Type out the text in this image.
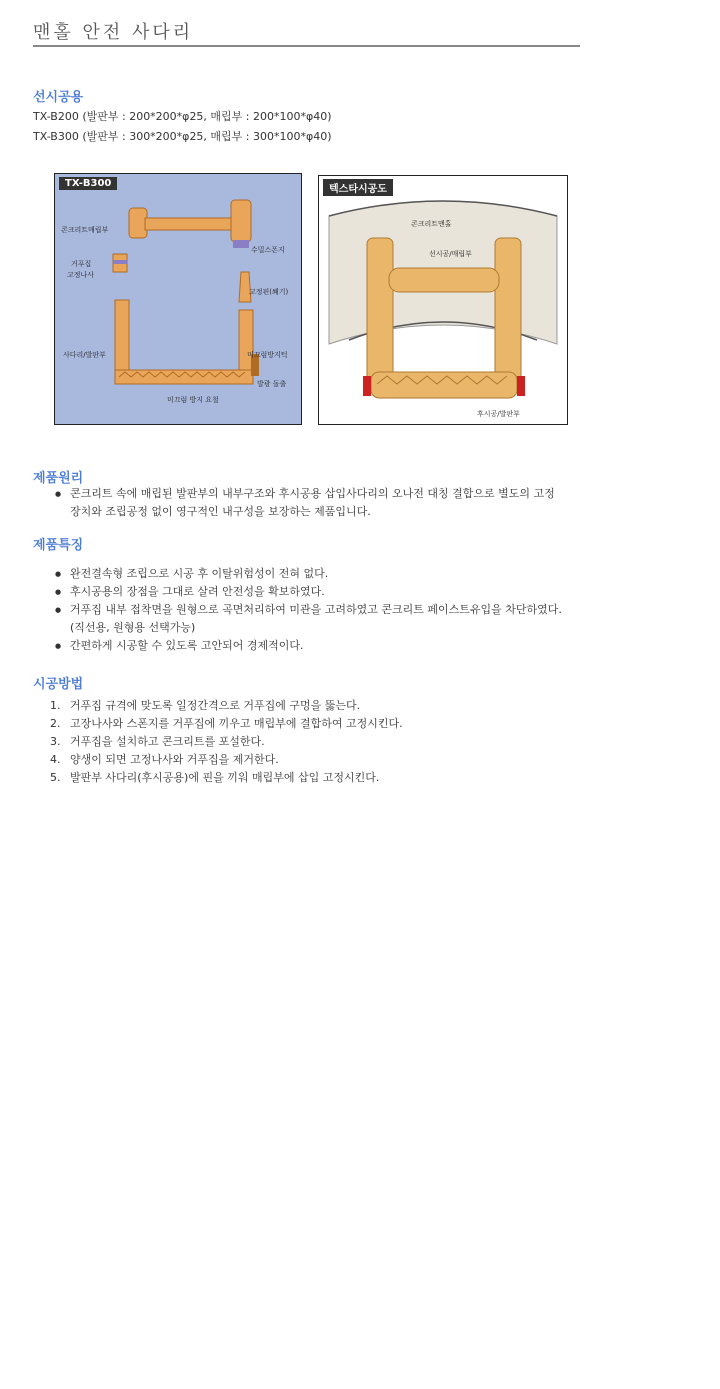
맨홀 안전 사다리
선시공용
TX-B200 (발판부 : 200*200*φ25, 매립부 : 200*100*φ40)
TX-B300 (발판부 : 300*200*φ25, 매립부 : 300*100*φ40)
콘크리트매립부
거푸집
고정나사
사다리/발판부
수밀스폰지
고정핀(쐐기)
미끄럼방지턱
발광 돌출
미끄럼 방지 요철
TX-B300
콘크리트맨홀
선시공/매립부
후시공/발판부
텍스타시공도
제품원리
● 콘크리트 속에 매립된 발판부의 내부구조와 후시공용 삽입사다리의 오나전 대칭 결합으로 별도의 고정
장치와 조립공정 없이 영구적인 내구성을 보장하는 제품입니다.
제품특징
● 완전결속형 조립으로 시공 후 이탈위험성이 전혀 없다.
● 후시공용의 장점을 그대로 살려 안전성을 확보하였다.
● 거푸집 내부 접착면을 원형으로 곡면처리하여 미관을 고려하였고 콘크리트 페이스트유입을 차단하였다.
(직선용, 원형용 선택가능)
● 간편하게 시공할 수 있도록 고안되어 경제적이다.
시공방법
1. 거푸집 규격에 맞도록 일정간격으로 거푸집에 구멍을 뚫는다.
2. 고장나사와 스폰지를 거푸집에 끼우고 매립부에 결합하여 고정시킨다.
3. 거푸집을 설치하고 콘크리트를 포설한다.
4. 양생이 되면 고정나사와 거푸집을 제거한다.
5. 발판부 사다리(후시공용)에 핀을 끼워 매립부에 삽입 고정시킨다.
